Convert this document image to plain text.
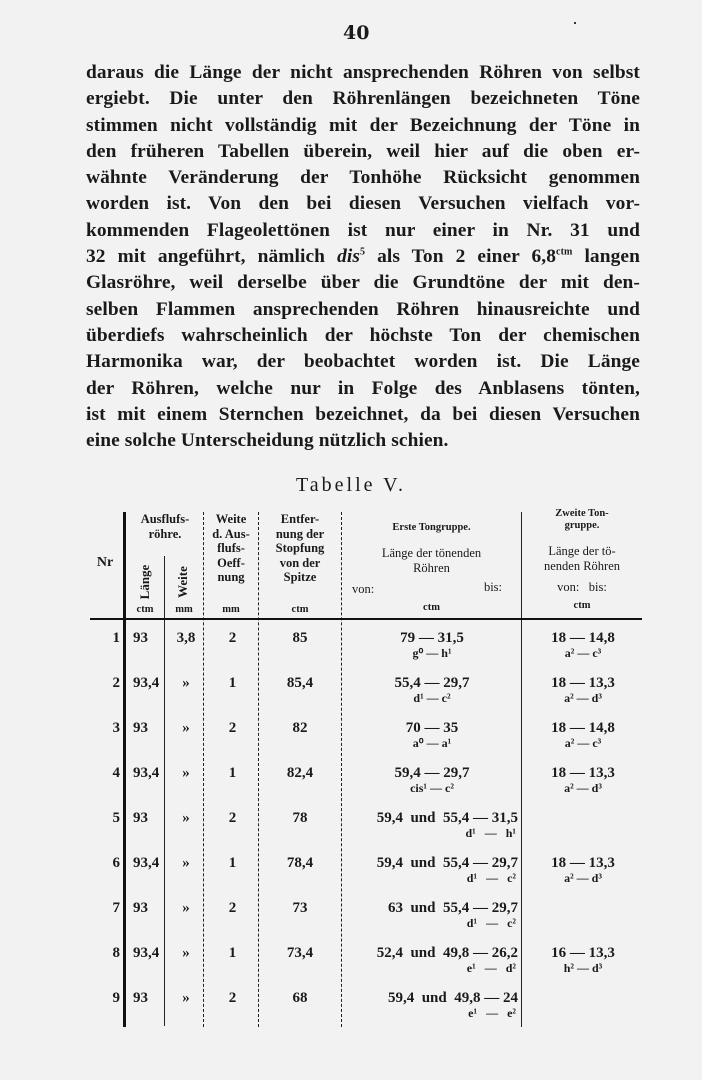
40
daraus die Länge der nicht ansprechenden Röhren von selbst
ergiebt. Die unter den Röhrenlängen bezeichneten Töne
stimmen nicht vollständig mit der Bezeichnung der Töne in
den früheren Tabellen überein, weil hier auf die oben er-
wähnte Veränderung der Tonhöhe Rücksicht genommen
worden ist. Von den bei diesen Versuchen vielfach vor-
kommenden Flageolettönen ist nur einer in Nr. 31 und
32 mit angeführt, nämlich dis$^5$ als Ton 2 einer $6,8^{ctm}$ langen
Glasröhre, weil derselbe über die Grundtöne der mit den-
selben Flammen ansprechenden Röhren hinausreichte und
überdiefs wahrscheinlich der höchste Ton der chemischen
Harmonika war, der beobachtet worden ist. Die Länge
der Röhren, welche nur in Folge des Anblasens tönten,
ist mit einem Sternchen bezeichnet, da bei diesen Versuchen
eine solche Unterscheidung nützlich schien.
Tabelle V.
Nr
Ausflufs-
röhre.
Länge Weite
ctm	mm
Weite
d. Aus-
flufs-
Oeff-
nung
mm
Entfer-
nung der
Stopfung
von der
Spitze
ctm
Erste Tongruppe.
Länge der tönenden
Röhren
von:	bis:
ctm
Zweite Ton-
gruppe.
Länge der tö-
nenden Röhren
von:   bis:
ctm
1 93	3,8	2	85	79 — 31,5
g⁰ — h¹
18 — 14,8
a² — c³
2 93,4	»	1	85,4	55,4 — 29,7
d¹ — c²
18 — 13,3
a² — d³
3 93	»	2	82	70 — 35
a⁰ — a¹
18 — 14,8
a² — c³
4 93,4	»	1	82,4	59,4 — 29,7
cis¹ — c²
18 — 13,3
a² — d³
5 93	»	2	78	59,4  und  55,4 — 31,5
d¹   —   h¹
6 93,4	»	1	78,4	59,4  und  55,4 — 29,7
d¹   —   c²
18 — 13,3
a² — d³
7 93	»	2	73	63  und  55,4 — 29,7
d¹   —   c²
8 93,4	»	1	73,4	52,4  und  49,8 — 26,2
e¹   —   d²
16 — 13,3
h² — d³
9 93	»	2	68	59,4  und  49,8 — 24
e¹   —   e²
